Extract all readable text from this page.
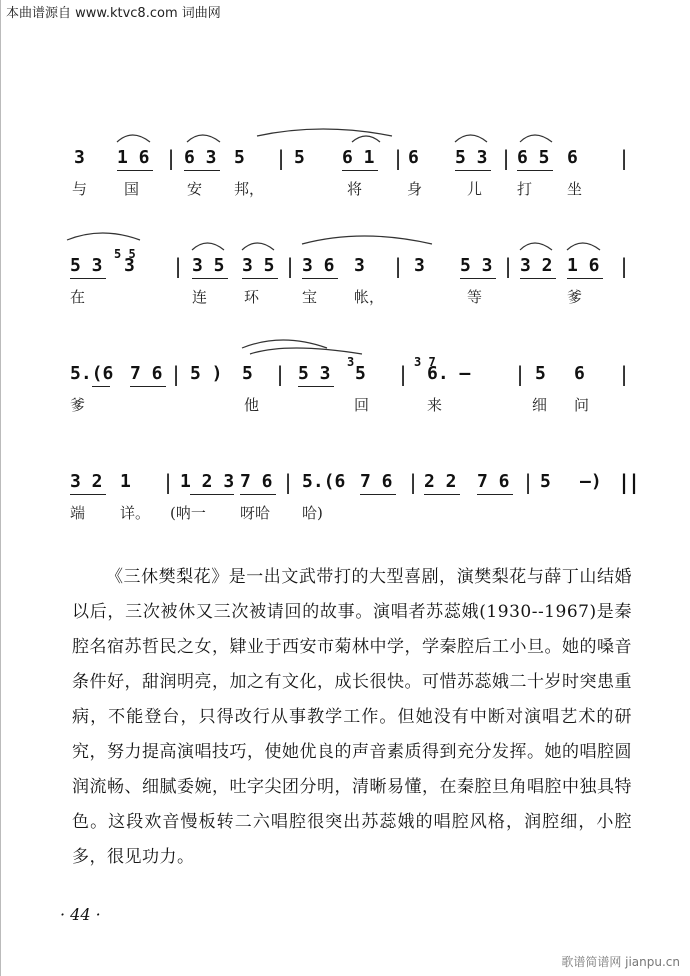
本曲谱源自 www.ktvc8.com 词曲网
3 1 6 | 6 3 5 | 5 6 1 | 6 5 3 | 6 5 6 |
与 国	安 邦，	将	身	儿 打 坐
5 3
5 5
3 | 3 5 3 5 | 3 6 3 | 3 5 3 | 3 2 1 6 |
在	连 环	宝 帐，	等	爹
5.(6 7 6 | 5 ) 5 | 5 3
3
5 | 3 7
6. – | 5 6 |
爹	他	回	来	细 问
3 2 1 | 1 2 3 7 6 | 5.(6 7 6 | 2 2 7 6 | 5 –) ||
端 详。 (呐一 呀哈 哈)

《三休樊梨花》是一出文武带打的大型喜剧，演樊梨花与薛丁山结婚以后，三次被休又三次被请回的故事。演唱者苏蕊娥(1930--1967)是秦腔名宿苏哲民之女，肄业于西安市菊林中学，学秦腔后工小旦。她的嗓音条件好，甜润明亮，加之有文化，成长很快。可惜苏蕊娥二十岁时突患重病，不能登台，只得改行从事教学工作。但她没有中断对演唱艺术的研究，努力提高演唱技巧，使她优良的声音素质得到充分发挥。她的唱腔圆润流畅、细腻委婉，吐字尖团分明，清晰易懂，在秦腔旦角唱腔中独具特色。这段欢音慢板转二六唱腔很突出苏蕊娥的唱腔风格，润腔细，小腔多，很见功力。

· 44 ·
歌谱简谱网 jianpu.cn
